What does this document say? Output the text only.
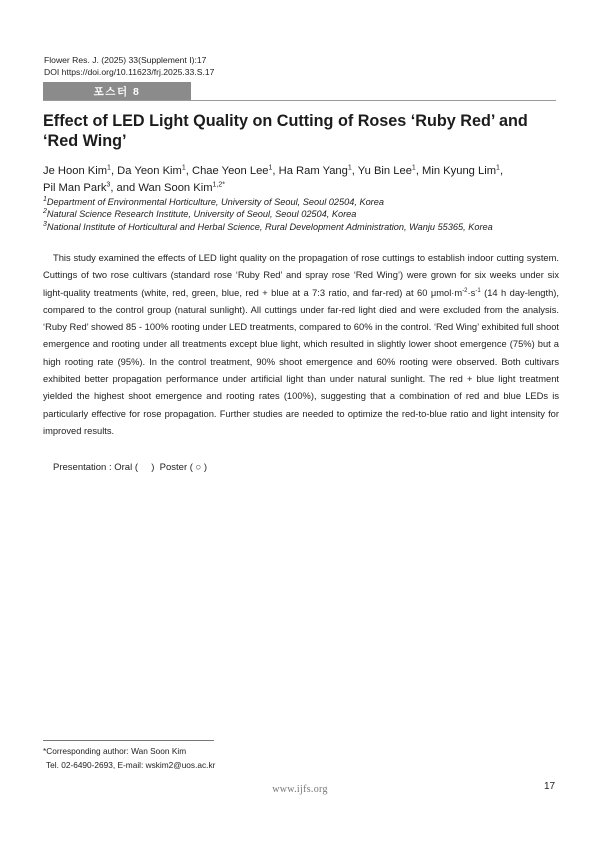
Flower Res. J. (2025) 33(Supplement I):17
DOI https://doi.org/10.11623/frj.2025.33.S.17
포스터 8
Effect of LED Light Quality on Cutting of Roses ‘Ruby Red’ and ‘Red Wing’
Je Hoon Kim$^1$, Da Yeon Kim$^1$, Chae Yeon Lee$^1$, Ha Ram Yang$^1$, Yu Bin Lee$^1$, Min Kyung Lim$^1$,
Pil Man Park$^3$, and Wan Soon Kim$^{1,2*}$
$^1$Department of Environmental Horticulture, University of Seoul, Seoul 02504, Korea
$^2$Natural Science Research Institute, University of Seoul, Seoul 02504, Korea
$^3$National Institute of Horticultural and Herbal Science, Rural Development Administration, Wanju 55365, Korea

This study examined the effects of LED light quality on the propagation of rose cuttings to establish indoor cutting system. Cuttings of two rose cultivars (standard rose ‘Ruby Red’ and spray rose ‘Red Wing’) were grown for six weeks under six light-quality treatments (white, red, green, blue, red + blue at a 7:3 ratio, and far-red) at 60 $\mu mol\cdot m^{-2}\cdot s^{-1}$ (14 h day-length), compared to the control group (natural sunlight). All cuttings under far-red light died and were excluded from the analysis. ‘Ruby Red’ showed 85 - 100% rooting under LED treatments, compared to 60% in the control. ‘Red Wing’ exhibited full shoot emergence and rooting under all treatments except blue light, which resulted in slightly lower shoot emergence (75%) but a high rooting rate (95%). In the control treatment, 90% shoot emergence and 60% rooting were observed. Both cultivars exhibited better propagation performance under artificial light than under natural sunlight. The red + blue light treatment yielded the highest shoot emergence and rooting rates (100%), suggesting that a combination of red and blue LEDs is particularly effective for rose propagation. Further studies are needed to optimize the red-to-blue ratio and light intensity for improved results.

Presentation : Oral (     )  Poster ( ○ )
*Corresponding author: Wan Soon Kim
Tel. 02-6490-2693, E-mail: wskim2@uos.ac.kr
www.ijfs.org	17
